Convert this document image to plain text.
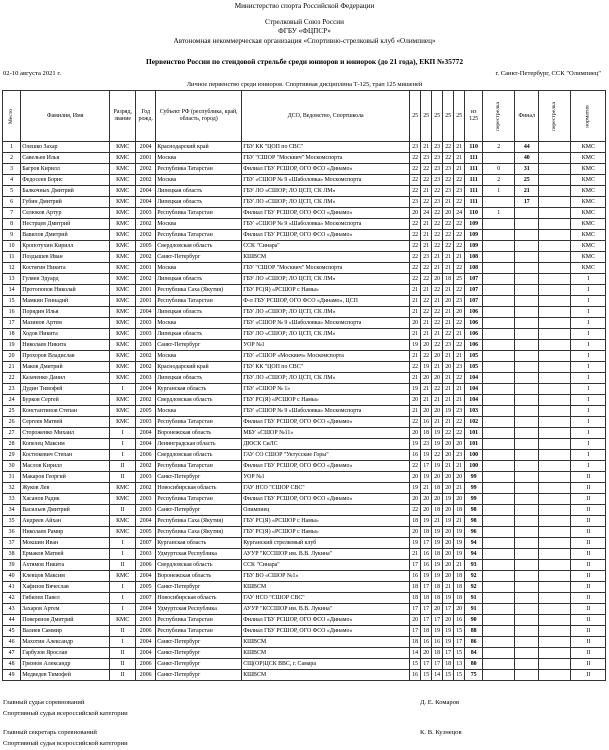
Министерство спорта Российской Федерации
Стрелковый Союз России
ФГБУ «ФЦПСР»
Автономная некоммерческая организация «Спортивно-стрелковый клуб «Олимпиец»
Первенство России по стендовой стрельбе среди юниоров и юниорок (до 21 года), ЕКП №35772
02-10 августа 2021 г.	г. Санкт-Петербург, ССК "Олимпиец"
Личное первенство среди юниоров. Спортивная дисциплина Т-125, трап 125 мишеней
Место	Фамилия, Имя	Разряд, звание	Год рожд.	Субъект РФ (республика, край, область, город)	ДСО, Ведомство, Спортшкола	25	25	25	25	25	из 125	перестрелка	Финал	перестрелка	норматив
1	Олешко Захар	КМС	2004	Краснодарский край	ГБУ КК "ЦОП по СВС"	23	21	23	22	21	110	2	44		КМС
2	Савельев Илья	КМС	2001	Москва	ГБУ "СШОР "Москвич" Москомспорта	22	23	23	22	21	111		40		КМС
3	Багров Кирилл	КМС	2002	Республика Татарстан	Филиал ГБУ РСШОР, ОГО ФСО «Динамо»	22	22	23	23	21	111	0	31		КМС
4	Федосеев Борис	КМС	2002	Москва	ГБУ «СШОР № 9 «Шаболовка» Москомспорта	22	22	23	22	22	111	2	25		КМС
5	Балкочных Дмитрий	КМС	2004	Липецкая область	ГБУ ЛО «СШОР; ЛО ЦСП, СК ЛМ»	22	21	22	23	23	111	1	21		КМС
6	Губин Дмитрий	КМС	2004	Липецкая область	ГБУ ЛО «СШОР; ЛО ЦСП, СК ЛМ»	23	22	23	21	22	111		17		КМС
7	Селюков Артур	КМС	2003	Республика Татарстан	Филиал ГБУ РСШОР, ОГО ФСО «Динамо»	20	24	22	20	24	110	1			КМС
8	Нестрцев Дмитрий	КМС	2002	Москва	ГБУ «СШОР № 9 «Шаболовка» Москомспорта	22	21	22	22	22	109				КМС
9	Вавилов Дмитрий	КМС	2002	Республика Татарстан	Филиал ГБУ РСШОР, ОГО ФСО «Динамо»	22	21	22	22	22	109				КМС
10	Кропотухин Кирилл	КМС	2005	Свердловская область	ССК "Синара"	22	21	22	22	22	109				КМС
11	Поздышев Иван	КМС	2002	Санкт-Петербург	КШВСМ	22	23	21	21	21	108				КМС
12	Костягин Никита	КМС	2001	Москва	ГБУ "СШОР "Москвич" Москомспорта	22	22	21	21	22	108				КМС
13	Гуляев Эдуард	КМС	2002	Липецкая область	ГБУ ЛО «СШОР; ЛО ЦСП, СК ЛМ»	22	22	20	18	25	107				I
14	Протопопов Николай	КМС	2001	Республика Саха (Якутия)	ГБУ РС(Я) «РСШОР с Намы»	21	21	22	21	22	107				I
15	Мамкин Геннадий	КМС	2001	Республика Татарстан	Ф-л ГБУ РСШОР, ОГО ФСО «Динамо», ЦСП	21	22	21	20	23	107				I
16	Порядин Илья	КМС	2004	Липецкая область	ГБУ ЛО «СШОР; ЛО ЦСП, СК ЛМ»	21	22	22	21	20	106				I
17	Мазинов Артем	КМС	2003	Москва	ГБУ «СШОР № 9 «Шаболовка» Москомспорта	20	21	22	21	22	106				I
18	Ходов Никита	КМС	2003	Липецкая область	ГБУ ЛО «СШОР; ЛО ЦСП, СК ЛМ»	21	21	21	22	21	106				I
19	Николаев Никита	КМС	2003	Санкт-Петербург	УОР №1	19	20	22	23	22	106				I
20	Прохоров Владислав	КМС	2002	Москва	ГБУ «СШОР «Москвич» Москомспорта	21	22	20	21	21	105				I
21	Маков Дмитрий	КМС	2002	Краснодарский край	ГБУ КК "ЦОП по СВС"	22	19	21	20	23	105				I
22	Казаченко Данил	КМС	2003	Липецкая область	ГБУ ЛО «СШОР; ЛО ЦСП, СК ЛМ»	21	20	20	21	22	104				I
23	Дудин Тимофей	I	2004	Курганская область	ГБУ «СШОР № 1»	19	21	22	21	21	104				I
24	Бурков Сергей	КМС	2002	Свердловская область	ГБУ РС(Я) «РСШОР с Намы»	20	21	21	21	21	104				I
25	Константинов Степан	КМС	2005	Москва	ГБУ «СШОР № 9 «Шаболовка» Москомспорта	21	20	20	19	23	103				I
26	Сергеев Матвей	КМС	2003	Республика Татарстан	Филиал ГБУ РСШОР, ОГО ФСО «Динамо»	22	16	21	21	22	102				I
27	Стороженко Михаил	I	2004	Воронежская область	МБУ «СШОР №11»	20	18	19	22	22	101				I
28	Копелец Максим	I	2004	Ленинградская область	ДЮСК СиЛС	19	23	19	20	20	101				I
29	Костюкевич Степан	I	2006	Свердловская область	ГАУ СО СШОР "Уктусские Горы"	16	19	22	20	23	100				I
30	Маслов Кирилл	II	2002	Республика Татарстан	Филиал ГБУ РСШОР, ОГО ФСО «Динамо»	22	17	19	21	21	100				I
31	Макаров Георгий	II	2003	Санкт-Петербург	УОР №1	20	19	20	20	20	99				II
32	Жуков Лев	КМС	2002	Новосибирская область	ГАУ НСО "СШОР СВС"	19	21	18	20	21	99				II
33	Хасанов Радик	КМС	2003	Республика Татарстан	Филиал ГБУ РСШОР, ОГО ФСО «Динамо»	20	20	20	19	20	99				II
34	Васильев Дмитрий	II	2003	Санкт-Петербург	Олимпиец	22	20	18	20	18	98				II
35	Андреев Айхан	КМС	2004	Республика Саха (Якутия)	ГБУ РС(Я) «РСШОР с Намы»	18	19	21	19	21	98				II
36	Николаев Рамир	КМС	2005	Республика Саха (Якутия)	ГБУ РС(Я) «РСШОР с Намы»	20	18	19	20	19	96				II
37	Мокшин Иван	I	2007	Курганская область	Курганский стрелковый клуб	19	17	19	20	19	94				II
38	Ермаков Матвей	I	2003	Удмуртская Республика	АУУР "КССШОР им. В.В. Лукина"	21	16	18	20	19	94				II
39	Ахтямов Никита	II	2006	Свердловская область	ССК "Синара"	17	16	19	20	21	93				II
40	Клевцов Максим	КМС	2004	Воронежская область	ГБУ ВО «СШОР №1»	16	19	19	20	18	92				II
41	Хафизов Вячеслав	I	2005	Санкт-Петербург	КШВСМ	18	17	18	21	18	92				II
42	Гибилев Павел	I	2007	Новосибирская область	ГАУ НСО "СШОР СВС"	18	18	18	19	18	91				II
43	Захаров Артем	I	2004	Удмуртская Республика	АУУР "КССШОР им. В.В. Лукина"	17	17	20	17	20	91				II
44	Поверенов Дмитрий	КМС	2003	Республика Татарстан	Филиал ГБУ РСШОР, ОГО ФСО «Динамо»	20	17	17	20	16	90				II
45	Валиев Саммир	II	2006	Республика Татарстан	Филиал ГБУ РСШОР, ОГО ФСО «Динамо»	17	18	19	19	15	88				II
46	Махотин Александр	I	2004	Санкт-Петербург	КШВСМ	18	16	16	19	17	86				II
47	Гарбузов Ярослав	II	2004	Санкт-Петербург	КШВСМ	14	20	18	17	15	84				II
48	Грязнов Александр	II	2006	Санкт-Петербург	СЩ(ОР)ЦСК ВВС, г. Самара	15	17	17	18	13	80				II
49	Медведев Тимофей	II	2006	Санкт-Петербург	КШВСМ	16	15	14	15	15	75				II
Главный судья соревнований
Спортивный судья всероссийской категории
Д. Е. Комаров
Главный секретарь соревнований
Спортивный судья всероссийской категории
К. В. Кузнецов
